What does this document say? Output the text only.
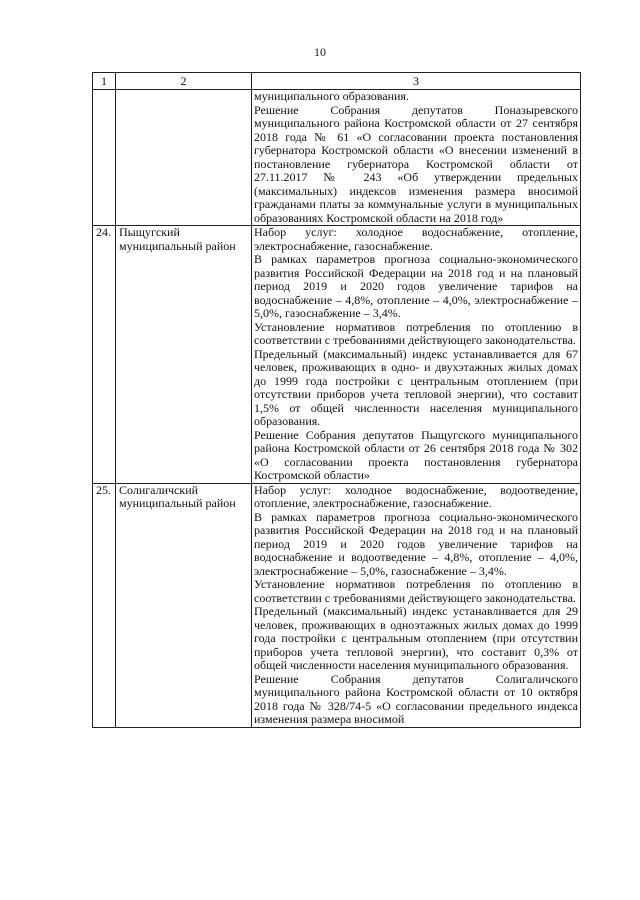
10
1	2	3

		муниципального образования.

Решение Собрания депутатов Поназыревского муниципального района Костромской области от 27 сентября 2018 года № 61 «О согласовании проекта постановления губернатора Костромской области «О внесении изменений в постановление губернатора Костромской области от 27.11.2017 № 243 «Об утверждении предельных (максимальных) индексов изменения размера вносимой гражданами платы за коммунальные услуги в муниципальных образованиях Костромской области на 2018 год»

24.	Пыщугский муниципальный район	Набор услуг: холодное водоснабжение, отопление, электроснабжение, газоснабжение.

В рамках параметров прогноза социально-экономического развития Российской Федерации на 2018 год и на плановый период 2019 и 2020 годов увеличение тарифов на водоснабжение – 4,8%, отопление – 4,0%, электроснабжение – 5,0%, газоснабжение – 3,4%.

Установление нормативов потребления по отоплению в соответствии с требованиями действующего законодательства.

Предельный (максимальный) индекс устанавливается для 67 человек, проживающих в одно- и двухэтажных жилых домах до 1999 года постройки с центральным отоплением (при отсутствии приборов учета тепловой энергии), что составит 1,5% от общей численности населения муниципального образования.

Решение Собрания депутатов Пыщугского муниципального района Костромской области от 26 сентября 2018 года № 302 «О согласовании проекта постановления губернатора Костромской области»

25.	Солигаличский муниципальный район	Набор услуг: холодное водоснабжение, водоотведение, отопление, электроснабжение, газоснабжение.

В рамках параметров прогноза социально-экономического развития Российской Федерации на 2018 год и на плановый период 2019 и 2020 годов увеличение тарифов на водоснабжение и водоотведение – 4,8%, отопление – 4,0%, электроснабжение – 5,0%, газоснабжение – 3,4%.

Установление нормативов потребления по отоплению в соответствии с требованиями действующего законодательства.

Предельный (максимальный) индекс устанавливается для 29 человек, проживающих в одноэтажных жилых домах до 1999 года постройки с центральным отоплением (при отсутствии приборов учета тепловой энергии), что составит 0,3% от общей численности населения муниципального образования.

Решение Собрания депутатов Солигаличского муниципального района Костромской области от 10 октября 2018 года № 328/74-5 «О согласовании предельного индекса изменения размера вносимой
